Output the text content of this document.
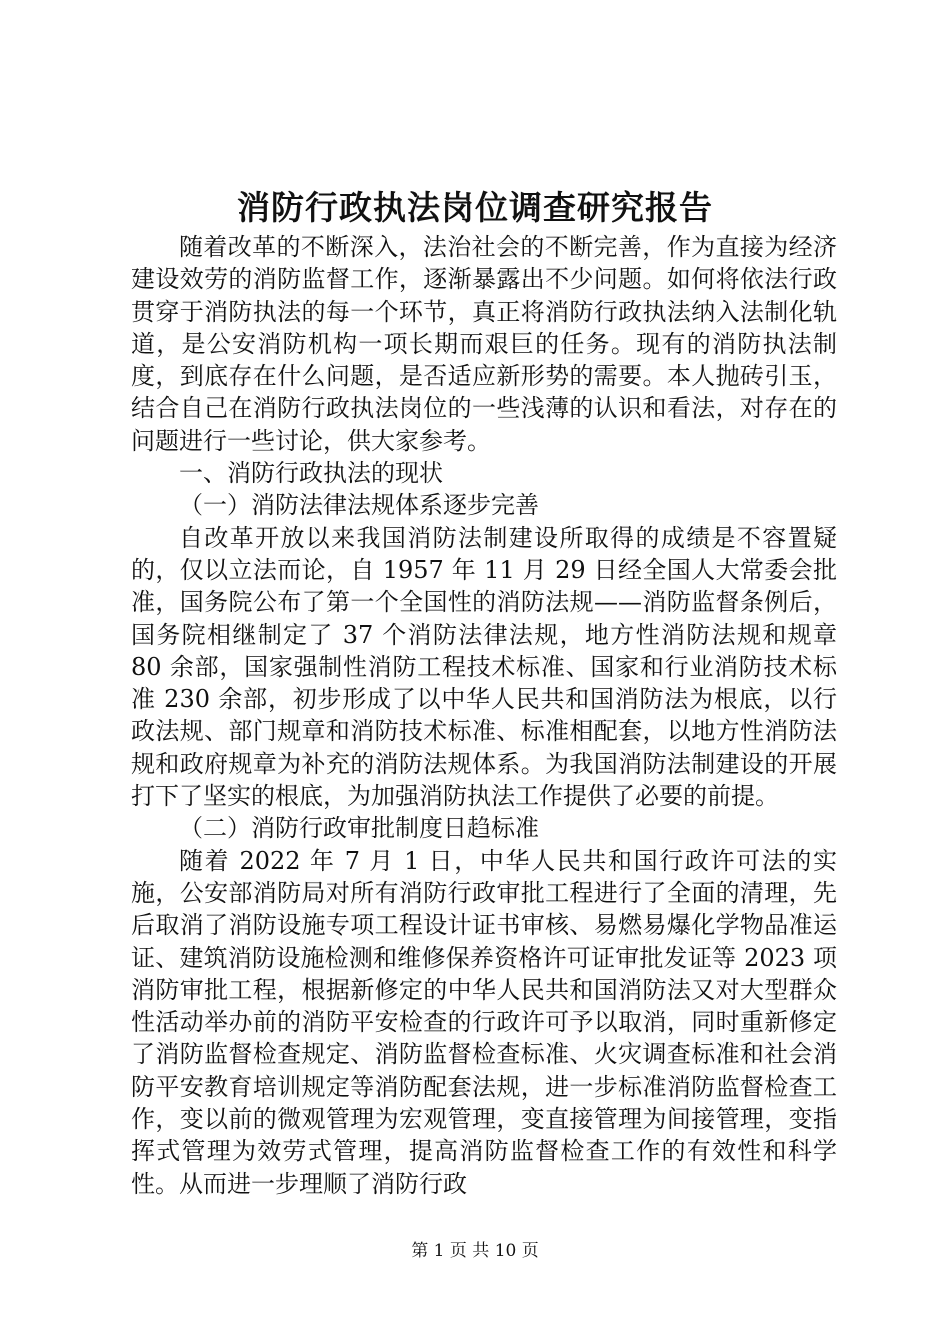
消防行政执法岗位调查研究报告

随着改革的不断深入，法治社会的不断完善，作为直接为经济建设效劳的消防监督工作，逐渐暴露出不少问题。如何将依法行政贯穿于消防执法的每一个环节，真正将消防行政执法纳入法制化轨道，是公安消防机构一项长期而艰巨的任务。现有的消防执法制度，到底存在什么问题，是否适应新形势的需要。本人抛砖引玉，结合自己在消防行政执法岗位的一些浅薄的认识和看法，对存在的问题进行一些讨论，供大家参考。

一、消防行政执法的现状

（一）消防法律法规体系逐步完善

自改革开放以来我国消防法制建设所取得的成绩是不容置疑的，仅以立法而论，自 1957 年 11 月 29 日经全国人大常委会批准，国务院公布了第一个全国性的消防法规——消防监督条例后，国务院相继制定了 37 个消防法律法规，地方性消防法规和规章 80 余部，国家强制性消防工程技术标准、国家和行业消防技术标准 230 余部，初步形成了以中华人民共和国消防法为根底，以行政法规、部门规章和消防技术标准、标准相配套，以地方性消防法规和政府规章为补充的消防法规体系。为我国消防法制建设的开展打下了坚实的根底，为加强消防执法工作提供了必要的前提。

（二）消防行政审批制度日趋标准

随着 2022 年 7 月 1 日，中华人民共和国行政许可法的实施，公安部消防局对所有消防行政审批工程进行了全面的清理，先后取消了消防设施专项工程设计证书审核、易燃易爆化学物品准运证、建筑消防设施检测和维修保养资格许可证审批发证等 2023 项消防审批工程，根据新修定的中华人民共和国消防法又对大型群众性活动举办前的消防平安检查的行政许可予以取消，同时重新修定了消防监督检查规定、消防监督检查标准、火灾调查标准和社会消防平安教育培训规定等消防配套法规，进一步标准消防监督检查工作，变以前的微观管理为宏观管理，变直接管理为间接管理，变指挥式管理为效劳式管理，提高消防监督检查工作的有效性和科学性。从而进一步理顺了消防行政

第 1 页 共 10 页
